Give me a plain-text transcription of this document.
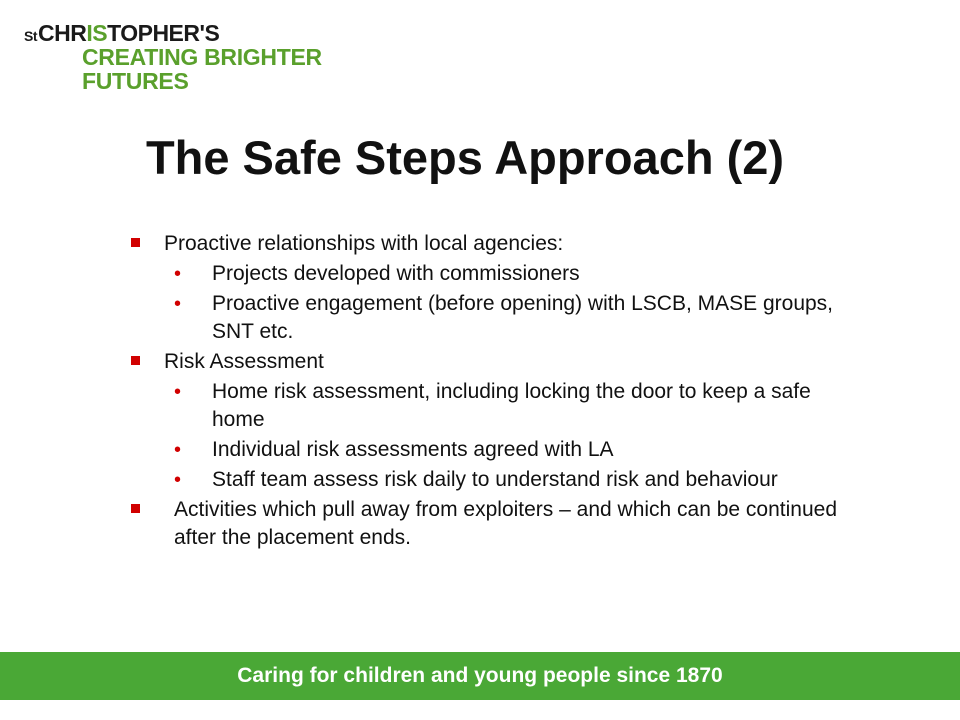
St CHR IS TOPHER'S
CREATING BRIGHTER
FUTURES
The Safe Steps Approach (2)
Proactive relationships with local agencies:
• Projects developed with commissioners
• Proactive engagement (before opening) with LSCB, MASE groups, SNT etc.
Risk Assessment
• Home risk assessment, including locking the door to keep a safe home
• Individual risk assessments agreed with LA
• Staff team assess risk daily to understand risk and behaviour
Activities which pull away from exploiters – and which can be continued after the placement ends.
Caring for children and young people since 1870
